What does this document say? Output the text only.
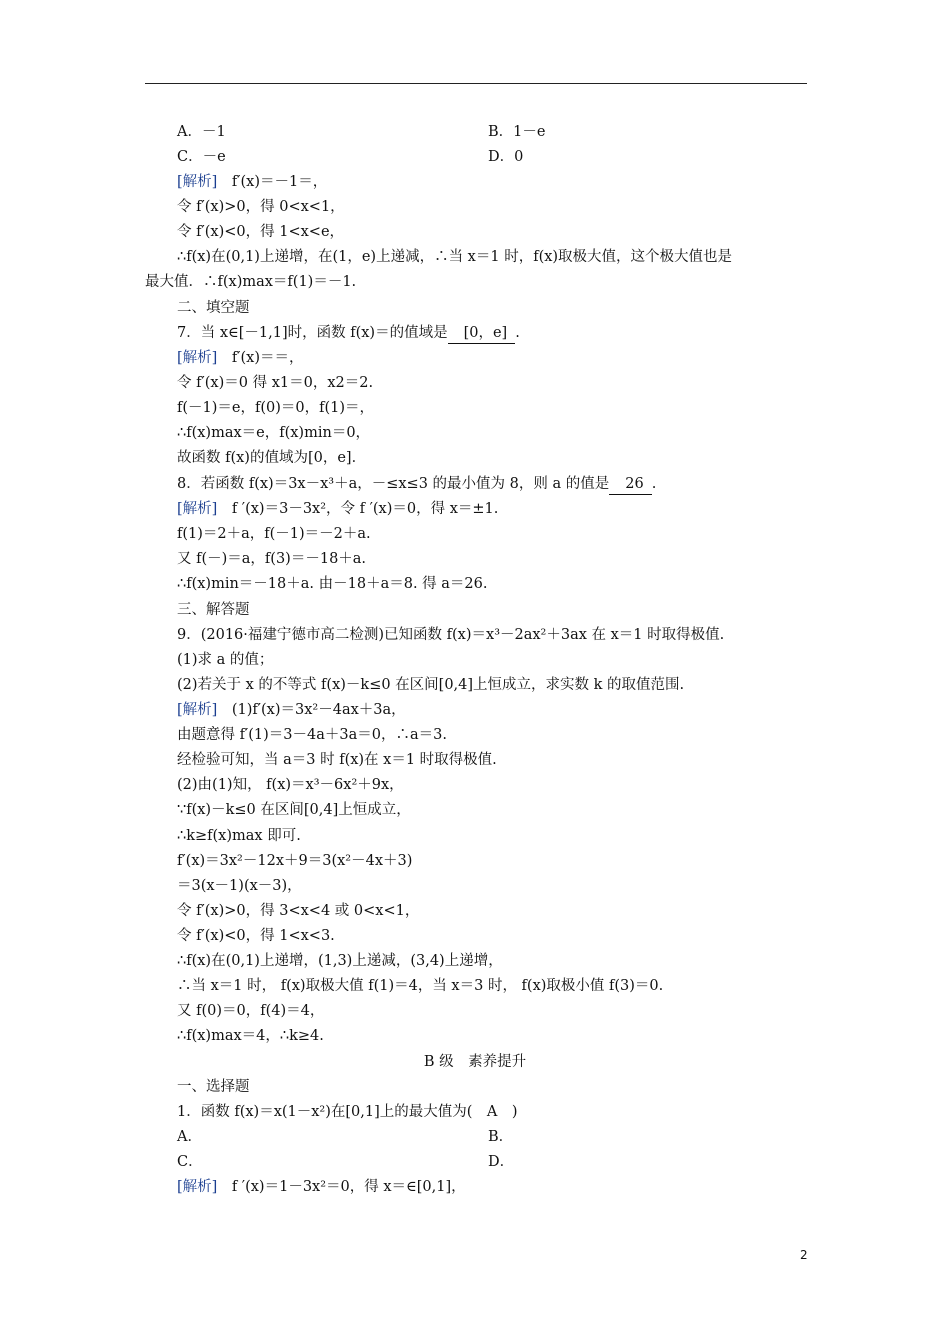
A．－1	B．1－e
C．－e	D．0
[解析]　f′(x)＝－1＝，
令 f′(x)>0，得 0<x<1，
令 f′(x)<0，得 1<x<e，
∴f(x)在(0,1)上递增，在(1，e)上递减，∴当 x＝1 时，f(x)取极大值，这个极大值也是
最大值．∴f(x)max＝f(1)＝－1.
二、填空题
7．当 x∈[－1,1]时，函数 f(x)＝的值域是 [0，e] .
[解析]　f′(x)＝＝，
令 f′(x)＝0 得 x1＝0，x2＝2.
f(－1)＝e，f(0)＝0，f(1)＝，
∴f(x)max＝e，f(x)min＝0，
故函数 f(x)的值域为[0，e]．
8．若函数 f(x)＝3x－x³＋a，－≤x≤3 的最小值为 8，则 a 的值是 26 .
[解析]　f ′(x)＝3－3x²，令 f ′(x)＝0，得 x＝±1.
f(1)＝2＋a，f(－1)＝－2＋a.
又 f(－)＝a，f(3)＝－18＋a.
∴f(x)min＝－18＋a. 由－18＋a＝8. 得 a＝26.
三、解答题
9．(2016·福建宁德市高二检测)已知函数 f(x)＝x³－2ax²＋3ax 在 x＝1 时取得极值.
(1)求 a 的值；
(2)若关于 x 的不等式 f(x)－k≤0 在区间[0,4]上恒成立，求实数 k 的取值范围.
[解析]　(1)f′(x)＝3x²－4ax＋3a，
由题意得 f′(1)＝3－4a＋3a＝0，∴a＝3.
经检验可知，当 a＝3 时 f(x)在 x＝1 时取得极值.
(2)由(1)知， f(x)＝x³－6x²＋9x，
∵f(x)－k≤0 在区间[0,4]上恒成立，
∴k≥f(x)max 即可.
f′(x)＝3x²－12x＋9＝3(x²－4x＋3)
＝3(x－1)(x－3)，
令 f′(x)>0，得 3<x<4 或 0<x<1，
令 f′(x)<0，得 1<x<3.
∴f(x)在(0,1)上递增，(1,3)上递减，(3,4)上递增，
∴当 x＝1 时， f(x)取极大值 f(1)＝4，当 x＝3 时， f(x)取极小值 f(3)＝0.
又 f(0)＝0，f(4)＝4，
∴f(x)max＝4，∴k≥4.
B 级　素养提升
一、选择题
1．函数 f(x)＝x(1－x²)在[0,1]上的最大值为(　A　)
A．	B．
C．	D．
[解析]　f ′(x)＝1－3x²＝0，得 x＝∈[0,1]，
2
